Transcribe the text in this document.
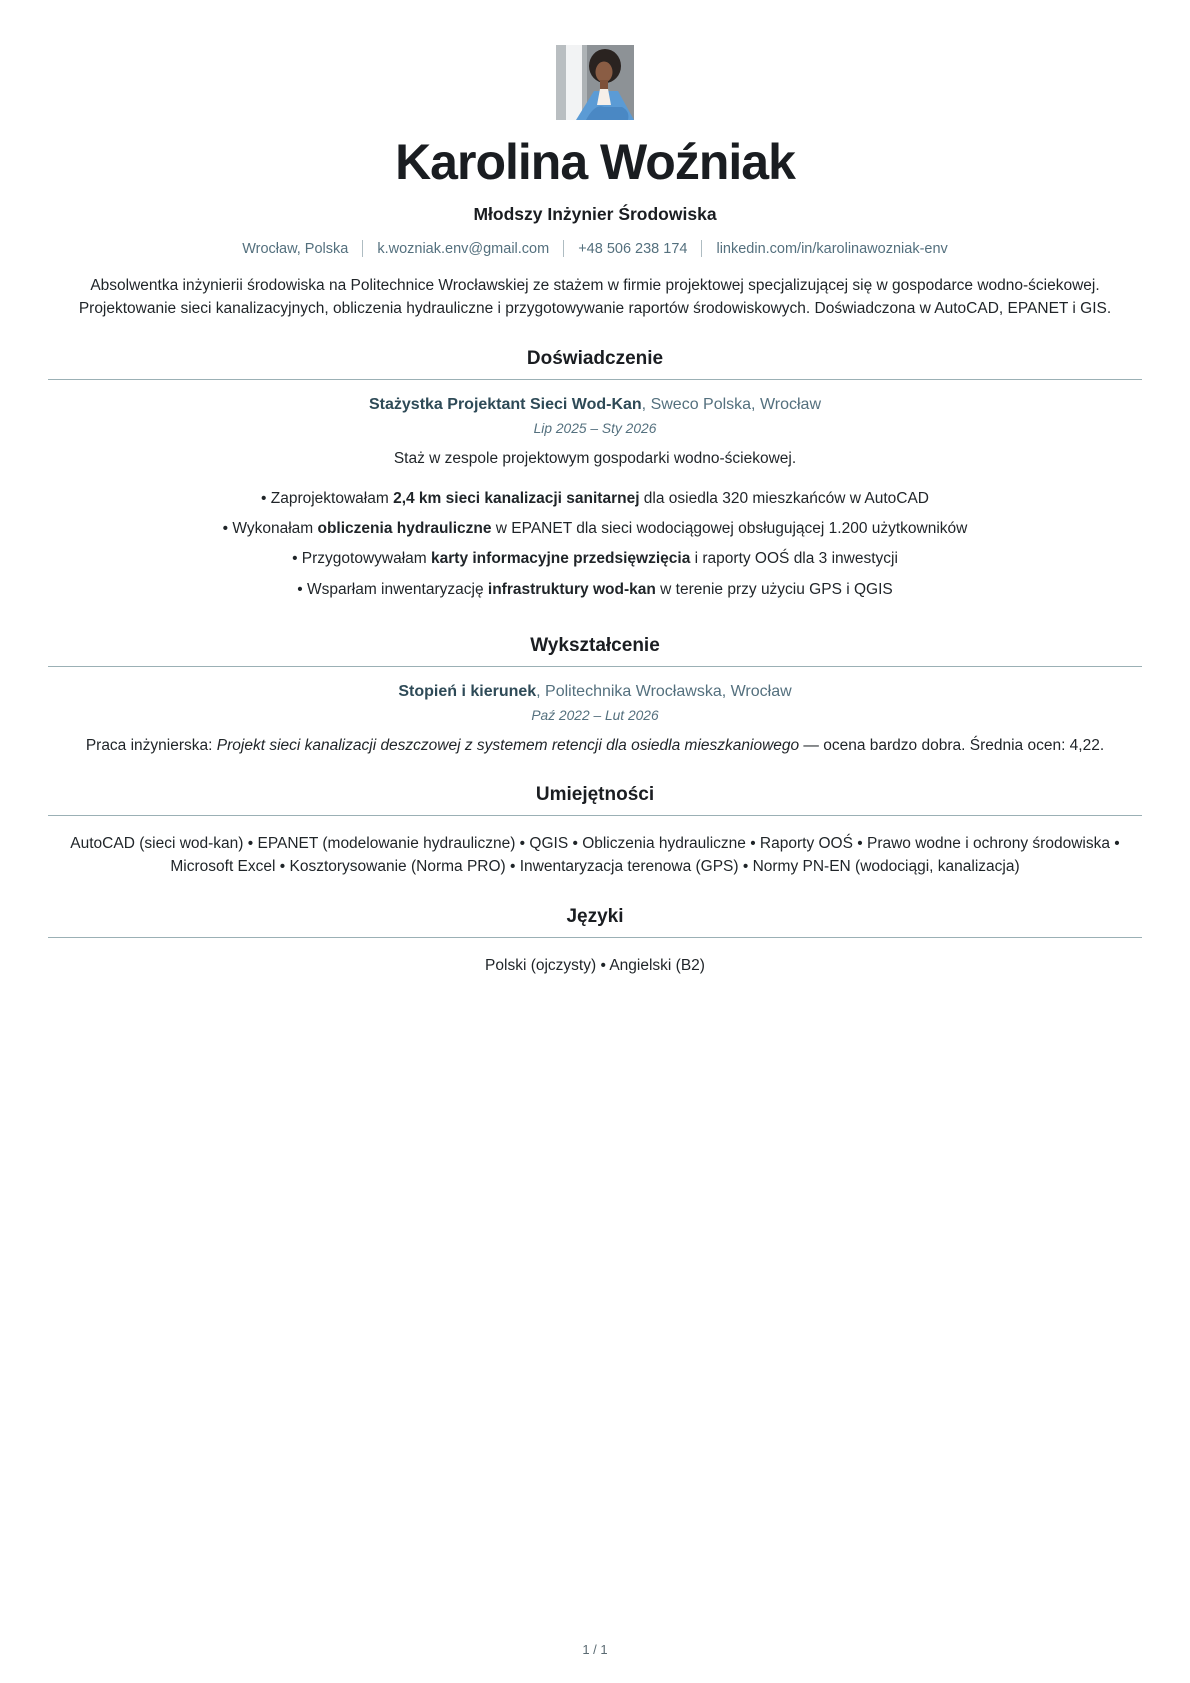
Karolina Woźniak
Młodszy Inżynier Środowiska
Wrocław, Polska k.wozniak.env@gmail.com +48 506 238 174 linkedin.com/in/karolinawozniak-env

Absolwentka inżynierii środowiska na Politechnice Wrocławskiej ze stażem w firmie projektowej specjalizującej się w gospodarce wodno-ściekowej. Projektowanie sieci kanalizacyjnych, obliczenia hydrauliczne i przygotowywanie raportów środowiskowych. Doświadczona w AutoCAD, EPANET i GIS.

Doświadczenie

Stażystka Projektant Sieci Wod-Kan, Sweco Polska, Wrocław

Lip 2025 – Sty 2026

Staż w zespole projektowym gospodarki wodno-ściekowej.

• Zaprojektowałam 2,4 km sieci kanalizacji sanitarnej dla osiedla 320 mieszkańców w AutoCAD
• Wykonałam obliczenia hydrauliczne w EPANET dla sieci wodociągowej obsługującej 1.200 użytkowników
• Przygotowywałam karty informacyjne przedsięwzięcia i raporty OOŚ dla 3 inwestycji
• Wsparłam inwentaryzację infrastruktury wod-kan w terenie przy użyciu GPS i QGIS
Wykształcenie

Stopień i kierunek, Politechnika Wrocławska, Wrocław

Paź 2022 – Lut 2026

Praca inżynierska: Projekt sieci kanalizacji deszczowej z systemem retencji dla osiedla mieszkaniowego — ocena bardzo dobra. Średnia ocen: 4,22.

Umiejętności

AutoCAD (sieci wod-kan) • EPANET (modelowanie hydrauliczne) • QGIS • Obliczenia hydrauliczne • Raporty OOŚ • Prawo wodne i ochrony środowiska • Microsoft Excel • Kosztorysowanie (Norma PRO) • Inwentaryzacja terenowa (GPS) • Normy PN-EN (wodociągi, kanalizacja)

Języki

Polski (ojczysty) • Angielski (B2)

1 / 1
